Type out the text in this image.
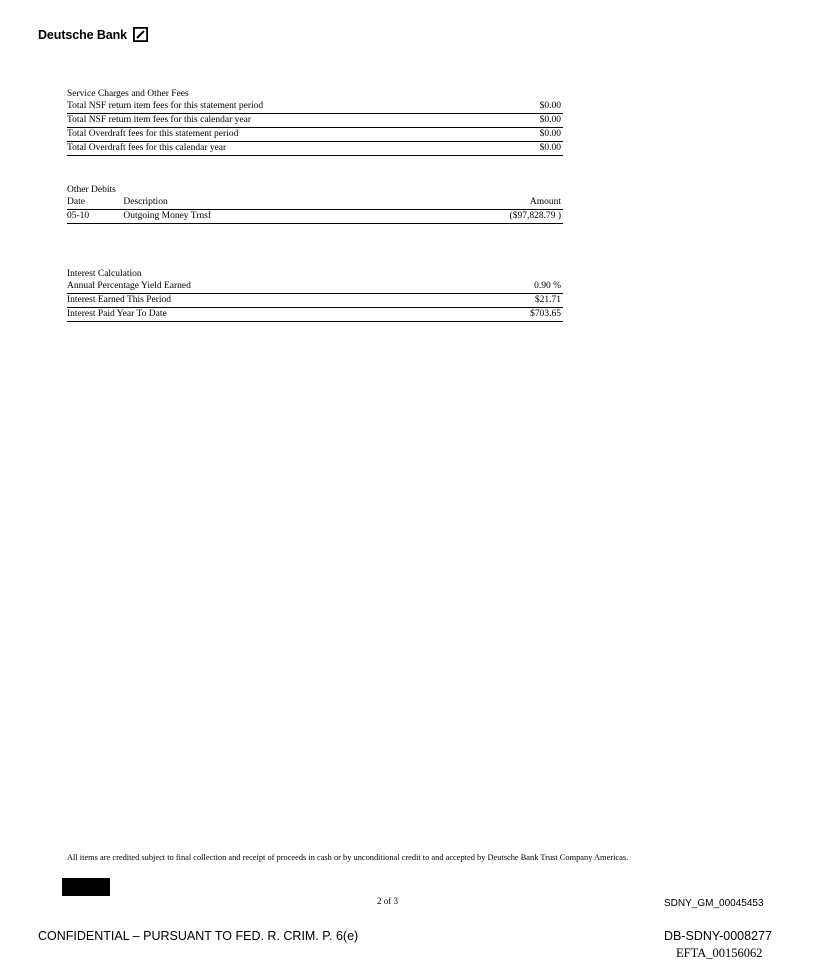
Deutsche Bank
Service Charges and Other Fees
Total NSF return item fees for this statement period	$0.00
Total NSF return item fees for this calendar year	$0.00
Total Overdraft fees for this statement period	$0.00
Total Overdraft fees for this calendar year	$0.00
Other Debits
Date	Description	Amount
05-10	Outgoing Money Trnsf	($97,828.79 )
Interest Calculation
Annual Percentage Yield Earned	0.90 %
Interest Earned This Period	$21.71
Interest Paid Year To Date	$703.65
All items are credited subject to final collection and receipt of proceeds in cash or by unconditional credit to and accepted by Deutsche Bank Trust Company Americas.
2 of 3	SDNY_GM_00045453
CONFIDENTIAL – PURSUANT TO FED. R. CRIM. P. 6(e)	DB-SDNY-0008277
EFTA_00156062
